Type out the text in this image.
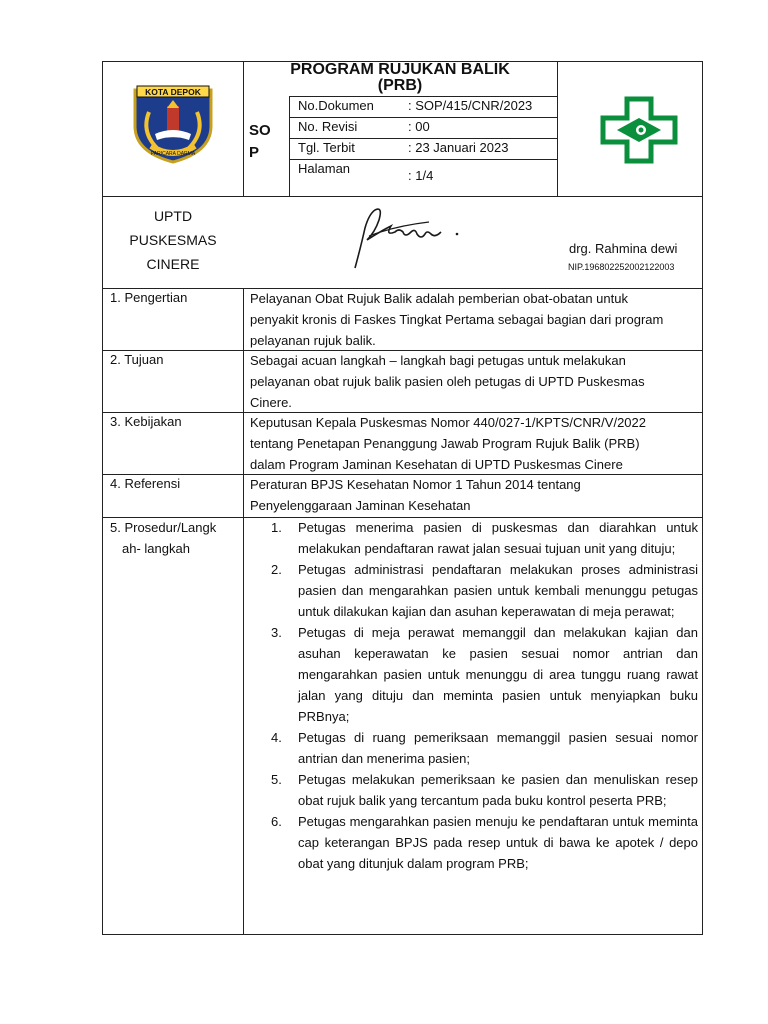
KOTA DEPOK
PARICARA DARMA
PROGRAM RUJUKAN BALIK
(PRB)
SO
P
No.Dokumen	: SOP/415/CNR/2023
No. Revisi	: 00
Tgl. Terbit	: 23 Januari 2023
Halaman	: 1/4
UPTD
PUSKESMAS
CINERE
drg. Rahmina dewi
NIP.196802252002122003
1. Pengertian	Pelayanan Obat Rujuk Balik adalah pemberian obat-obatan untuk
penyakit kronis di Faskes Tingkat Pertama sebagai bagian dari program
pelayanan rujuk balik.
2. Tujuan	Sebagai acuan langkah – langkah bagi petugas untuk melakukan
pelayanan obat rujuk balik pasien oleh petugas di UPTD Puskesmas
Cinere.
3. Kebijakan	Keputusan Kepala Puskesmas Nomor 440/027-1/KPTS/CNR/V/2022
tentang Penetapan Penanggung Jawab Program Rujuk Balik (PRB)
dalam Program Jaminan Kesehatan di UPTD Puskesmas Cinere
4. Referensi	Peraturan BPJS Kesehatan Nomor 1 Tahun 2014 tentang
Penyelenggaraan Jaminan Kesehatan
5. Prosedur/Langk
ah- langkah
1. Petugas menerima pasien di puskesmas dan diarahkan untuk melakukan pendaftaran rawat jalan sesuai tujuan unit yang dituju;
2. Petugas administrasi pendaftaran melakukan proses administrasi pasien dan mengarahkan pasien untuk kembali menunggu petugas untuk dilakukan kajian dan asuhan keperawatan di meja perawat;
3. Petugas di meja perawat memanggil dan melakukan kajian dan asuhan keperawatan ke pasien sesuai nomor antrian dan mengarahkan pasien untuk menunggu di area tunggu ruang rawat jalan yang dituju dan meminta pasien untuk menyiapkan buku PRBnya;
4. Petugas di ruang pemeriksaan memanggil pasien sesuai nomor antrian dan menerima pasien;
5. Petugas melakukan pemeriksaan ke pasien dan menuliskan resep obat rujuk balik yang tercantum pada buku kontrol peserta PRB;
6. Petugas mengarahkan pasien menuju ke pendaftaran untuk meminta cap keterangan BPJS pada resep untuk di bawa ke apotek / depo obat yang ditunjuk dalam program PRB;
